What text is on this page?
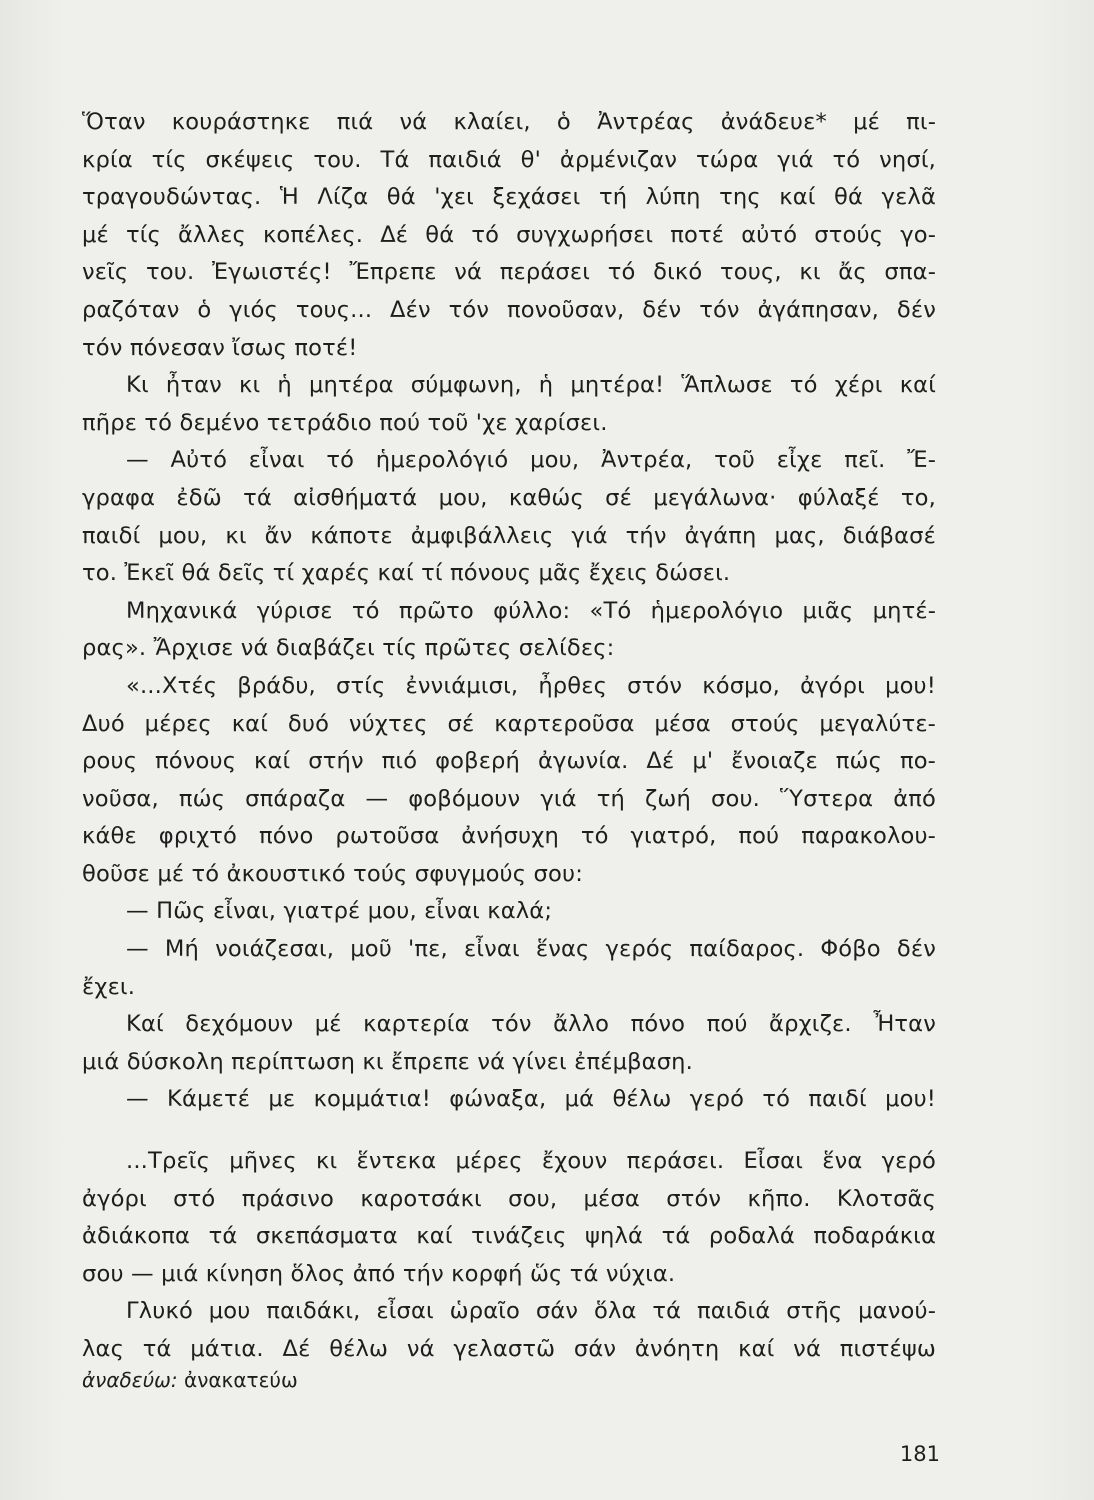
Ὅταν κουράστηκε πιά νά κλαίει, ὁ Ἀντρέας ἀνάδευε* μέ πι-
κρία τίς σκέψεις του. Τά παιδιά θ' ἀρμένιζαν τώρα γιά τό νησί,
τραγουδώντας. Ἡ Λίζα θά 'χει ξεχάσει τή λύπη της καί θά γελᾶ
μέ τίς ἄλλες κοπέλες. Δέ θά τό συγχωρήσει ποτέ αὐτό στούς γο-
νεῖς του. Ἐγωιστές! Ἔπρεπε νά περάσει τό δικό τους, κι ἄς σπα-
ραζόταν ὁ γιός τους... Δέν τόν πονοῦσαν, δέν τόν ἀγάπησαν, δέν
τόν πόνεσαν ἴσως ποτέ!
Κι ἦταν κι ἡ μητέρα σύμφωνη, ἡ μητέρα! Ἅπλωσε τό χέρι καί
πῆρε τό δεμένο τετράδιο πού τοῦ 'χε χαρίσει.
— Αὐτό εἶναι τό ἡμερολόγιό μου, Ἀντρέα, τοῦ εἶχε πεῖ. Ἔ-
γραφα ἐδῶ τά αἰσθήματά μου, καθώς σέ μεγάλωνα· φύλαξέ το,
παιδί μου, κι ἄν κάποτε ἀμφιβάλλεις γιά τήν ἀγάπη μας, διάβασέ
το. Ἐκεῖ θά δεῖς τί χαρές καί τί πόνους μᾶς ἔχεις δώσει.
Μηχανικά γύρισε τό πρῶτο φύλλο: «Τό ἡμερολόγιο μιᾶς μητέ-
ρας». Ἄρχισε νά διαβάζει τίς πρῶτες σελίδες:
«...Χτές βράδυ, στίς ἐννιάμισι, ἦρθες στόν κόσμο, ἀγόρι μου!
Δυό μέρες καί δυό νύχτες σέ καρτεροῦσα μέσα στούς μεγαλύτε-
ρους πόνους καί στήν πιό φοβερή ἀγωνία. Δέ μ' ἔνοιαζε πώς πο-
νοῦσα, πώς σπάραζα — φοβόμουν γιά τή ζωή σου. Ὕστερα ἀπό
κάθε φριχτό πόνο ρωτοῦσα ἀνήσυχη τό γιατρό, πού παρακολου-
θοῦσε μέ τό ἀκουστικό τούς σφυγμούς σου:
— Πῶς εἶναι, γιατρέ μου, εἶναι καλά;
— Μή νοιάζεσαι, μοῦ 'πε, εἶναι ἕνας γερός παίδαρος. Φόβο δέν
ἔχει.
Καί δεχόμουν μέ καρτερία τόν ἄλλο πόνο πού ἄρχιζε. Ἦταν
μιά δύσκολη περίπτωση κι ἔπρεπε νά γίνει ἐπέμβαση.
— Κάμετέ με κομμάτια! φώναξα, μά θέλω γερό τό παιδί μου!
...Τρεῖς μῆνες κι ἕντεκα μέρες ἔχουν περάσει. Εἶσαι ἕνα γερό
ἀγόρι στό πράσινο καροτσάκι σου, μέσα στόν κῆπο. Κλοτσᾶς
ἀδιάκοπα τά σκεπάσματα καί τινάζεις ψηλά τά ροδαλά ποδαράκια
σου — μιά κίνηση ὅλος ἀπό τήν κορφή ὥς τά νύχια.
Γλυκό μου παιδάκι, εἶσαι ὡραῖο σάν ὅλα τά παιδιά στῆς μανού-
λας τά μάτια. Δέ θέλω νά γελαστῶ σάν ἀνόητη καί νά πιστέψω
ἀναδεύω: ἀνακατεύω
181
